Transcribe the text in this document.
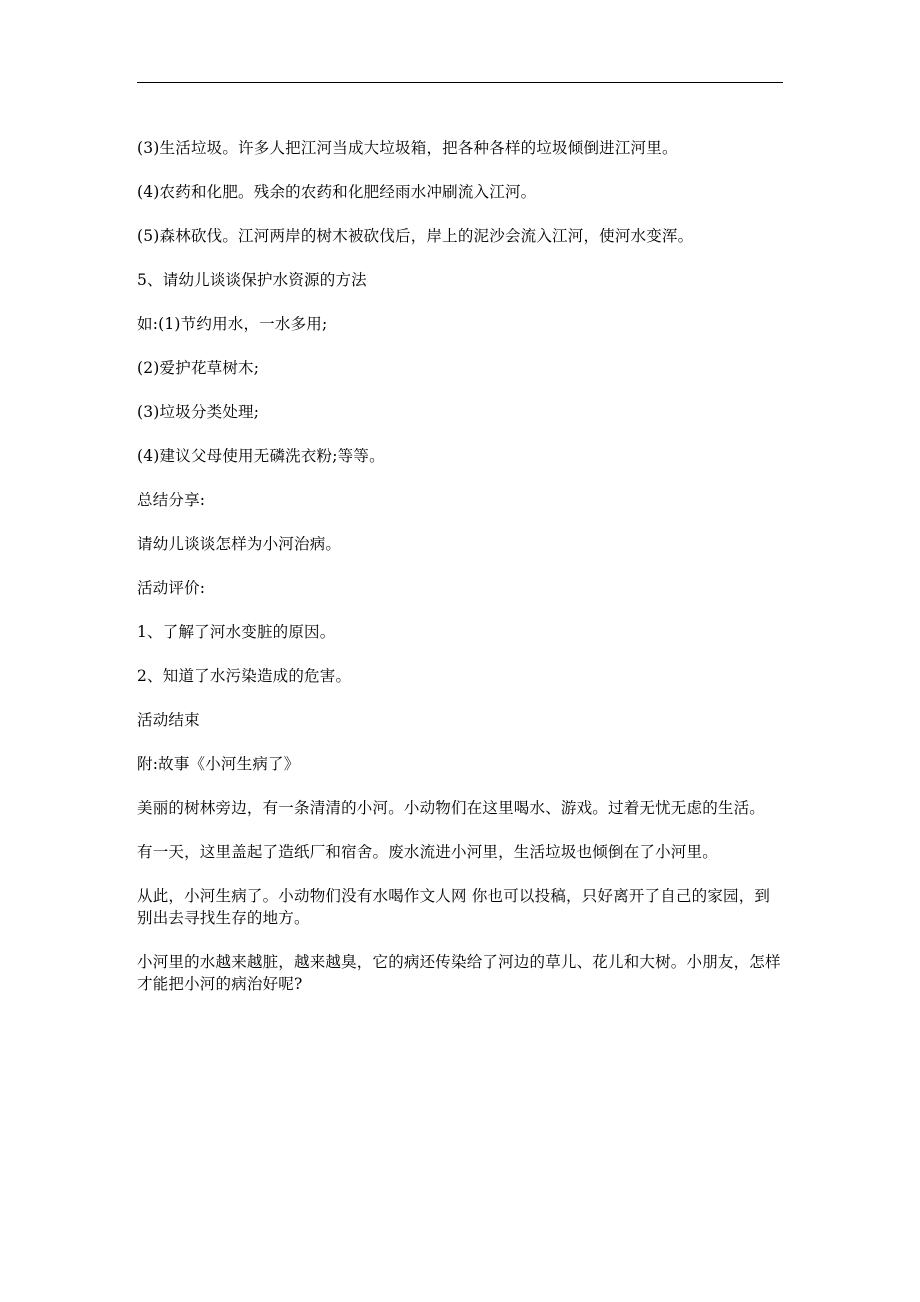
(3)生活垃圾。许多人把江河当成大垃圾箱，把各种各样的垃圾倾倒进江河里。

(4)农药和化肥。残余的农药和化肥经雨水冲刷流入江河。

(5)森林砍伐。江河两岸的树木被砍伐后，岸上的泥沙会流入江河，使河水变浑。

5、请幼儿谈谈保护水资源的方法

如:(1)节约用水，一水多用;

(2)爱护花草树木;

(3)垃圾分类处理;

(4)建议父母使用无磷洗衣粉;等等。

总结分享:

请幼儿谈谈怎样为小河治病。

活动评价:

1、了解了河水变脏的原因。

2、知道了水污染造成的危害。

活动结束

附:故事《小河生病了》

美丽的树林旁边，有一条清清的小河。小动物们在这里喝水、游戏。过着无忧无虑的生活。

有一天，这里盖起了造纸厂和宿舍。废水流进小河里，生活垃圾也倾倒在了小河里。

从此，小河生病了。小动物们没有水喝作文人网 你也可以投稿，只好离开了自己的家园，到别出去寻找生存的地方。

小河里的水越来越脏，越来越臭，它的病还传染给了河边的草儿、花儿和大树。小朋友，怎样才能把小河的病治好呢?
